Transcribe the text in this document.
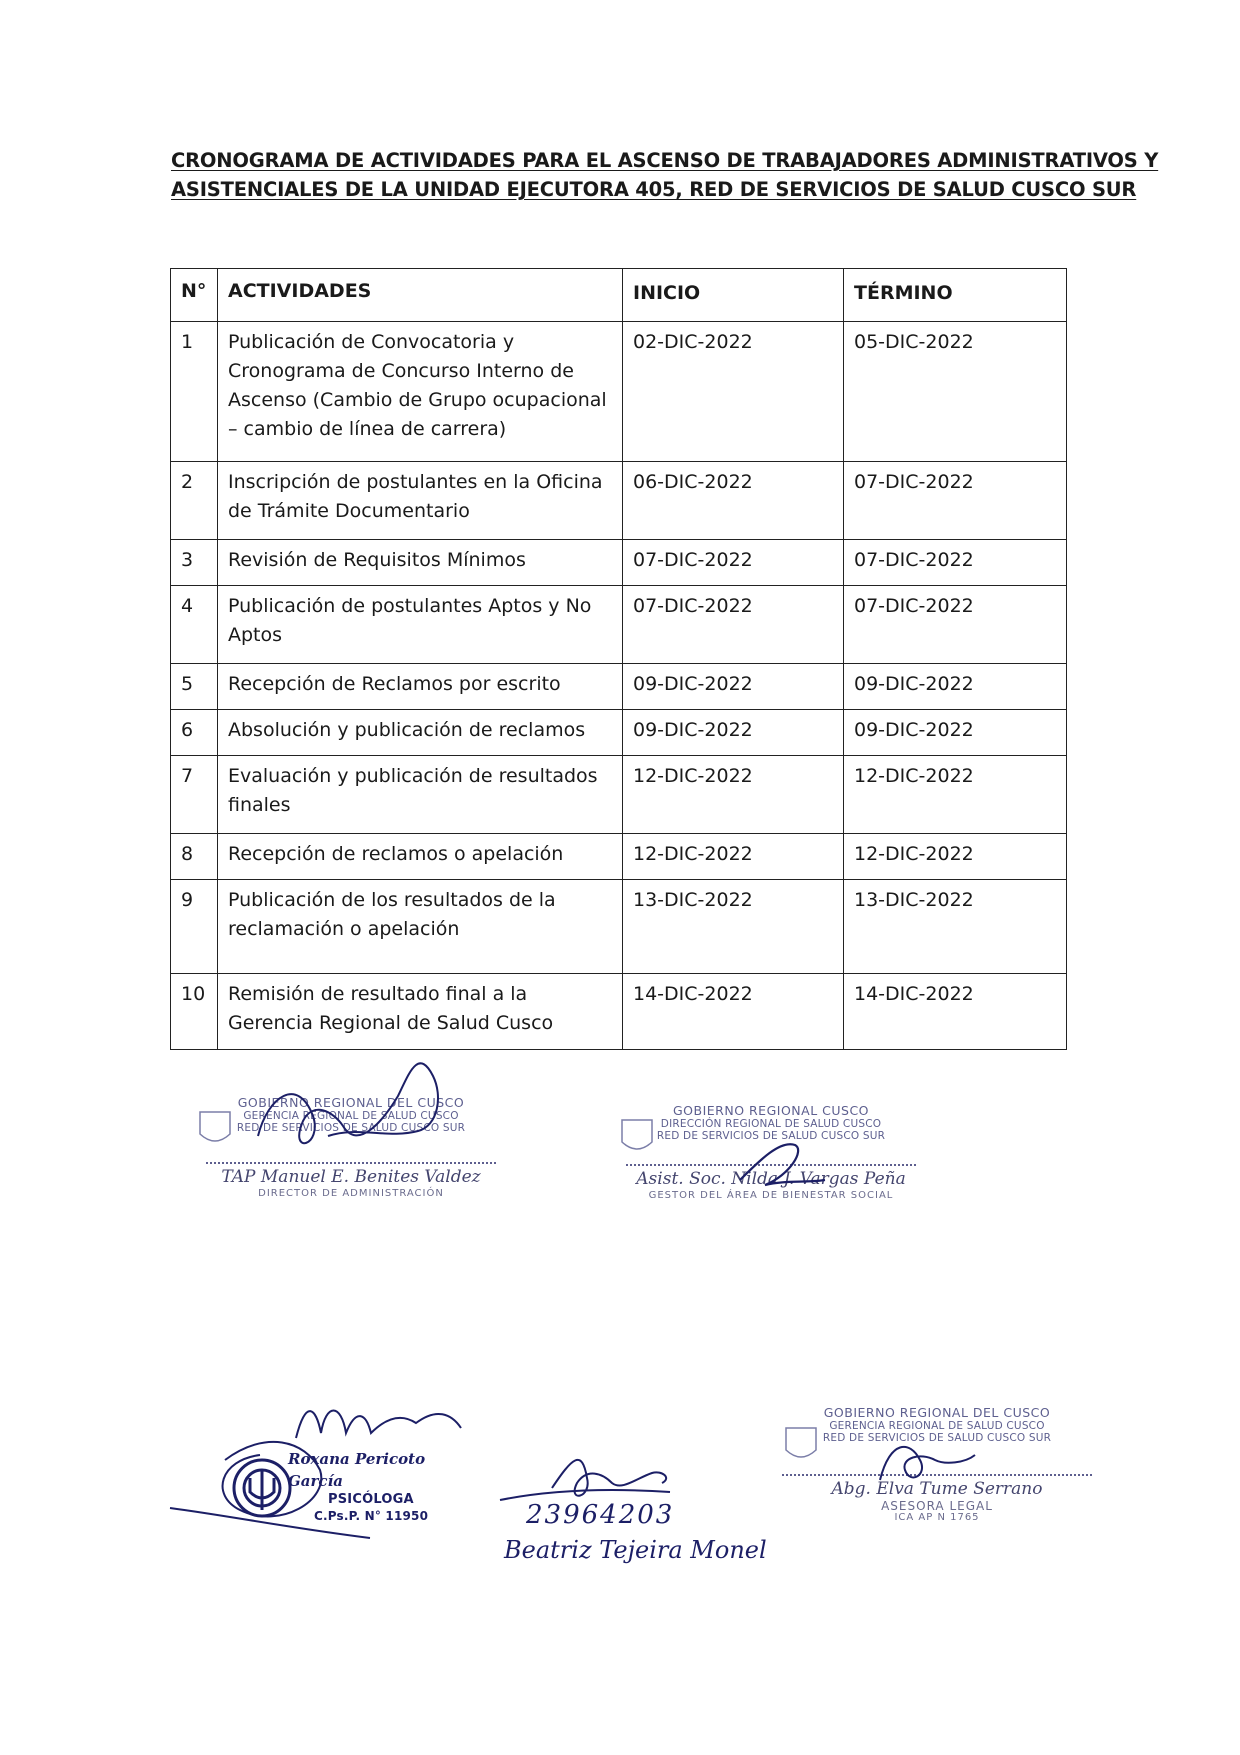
CRONOGRAMA DE ACTIVIDADES PARA EL ASCENSO DE TRABAJADORES ADMINISTRATIVOS Y
ASISTENCIALES DE LA UNIDAD EJECUTORA 405, RED DE SERVICIOS DE SALUD CUSCO SUR
N°	ACTIVIDADES	INICIO	TÉRMINO
1	Publicación de Convocatoria y Cronograma de Concurso Interno de Ascenso (Cambio de Grupo ocupacional – cambio de línea de carrera)	02-DIC-2022	05-DIC-2022
2	Inscripción de postulantes en la Oficina de Trámite Documentario	06-DIC-2022	07-DIC-2022
3	Revisión de Requisitos Mínimos	07-DIC-2022	07-DIC-2022
4	Publicación de postulantes Aptos y No Aptos	07-DIC-2022	07-DIC-2022
5	Recepción de Reclamos por escrito	09-DIC-2022	09-DIC-2022
6	Absolución y publicación de reclamos	09-DIC-2022	09-DIC-2022
7	Evaluación y publicación de resultados finales	12-DIC-2022	12-DIC-2022
8	Recepción de reclamos o apelación	12-DIC-2022	12-DIC-2022
9	Publicación de los resultados de la reclamación o apelación	13-DIC-2022	13-DIC-2022
10	Remisión de resultado final a la Gerencia Regional de Salud Cusco	14-DIC-2022	14-DIC-2022
GOBIERNO REGIONAL DEL CUSCO
GERENCIA REGIONAL DE SALUD CUSCO
RED DE SERVICIOS DE SALUD CUSCO SUR
TAP Manuel E. Benites Valdez
DIRECTOR DE ADMINISTRACIÓN
GOBIERNO REGIONAL CUSCO
DIRECCIÓN REGIONAL DE SALUD CUSCO
RED DE SERVICIOS DE SALUD CUSCO SUR
Asist. Soc. Nilda J. Vargas Peña
GESTOR DEL ÁREA DE BIENESTAR SOCIAL
Roxana Pericoto García
PSICÓLOGA
C.Ps.P. N° 11950	23964203
Beatriz Tejeira Monel
GOBIERNO REGIONAL DEL CUSCO
GERENCIA REGIONAL DE SALUD CUSCO
RED DE SERVICIOS DE SALUD CUSCO SUR
Abg. Elva Tume Serrano
ASESORA LEGAL
ICA AP N 1765
